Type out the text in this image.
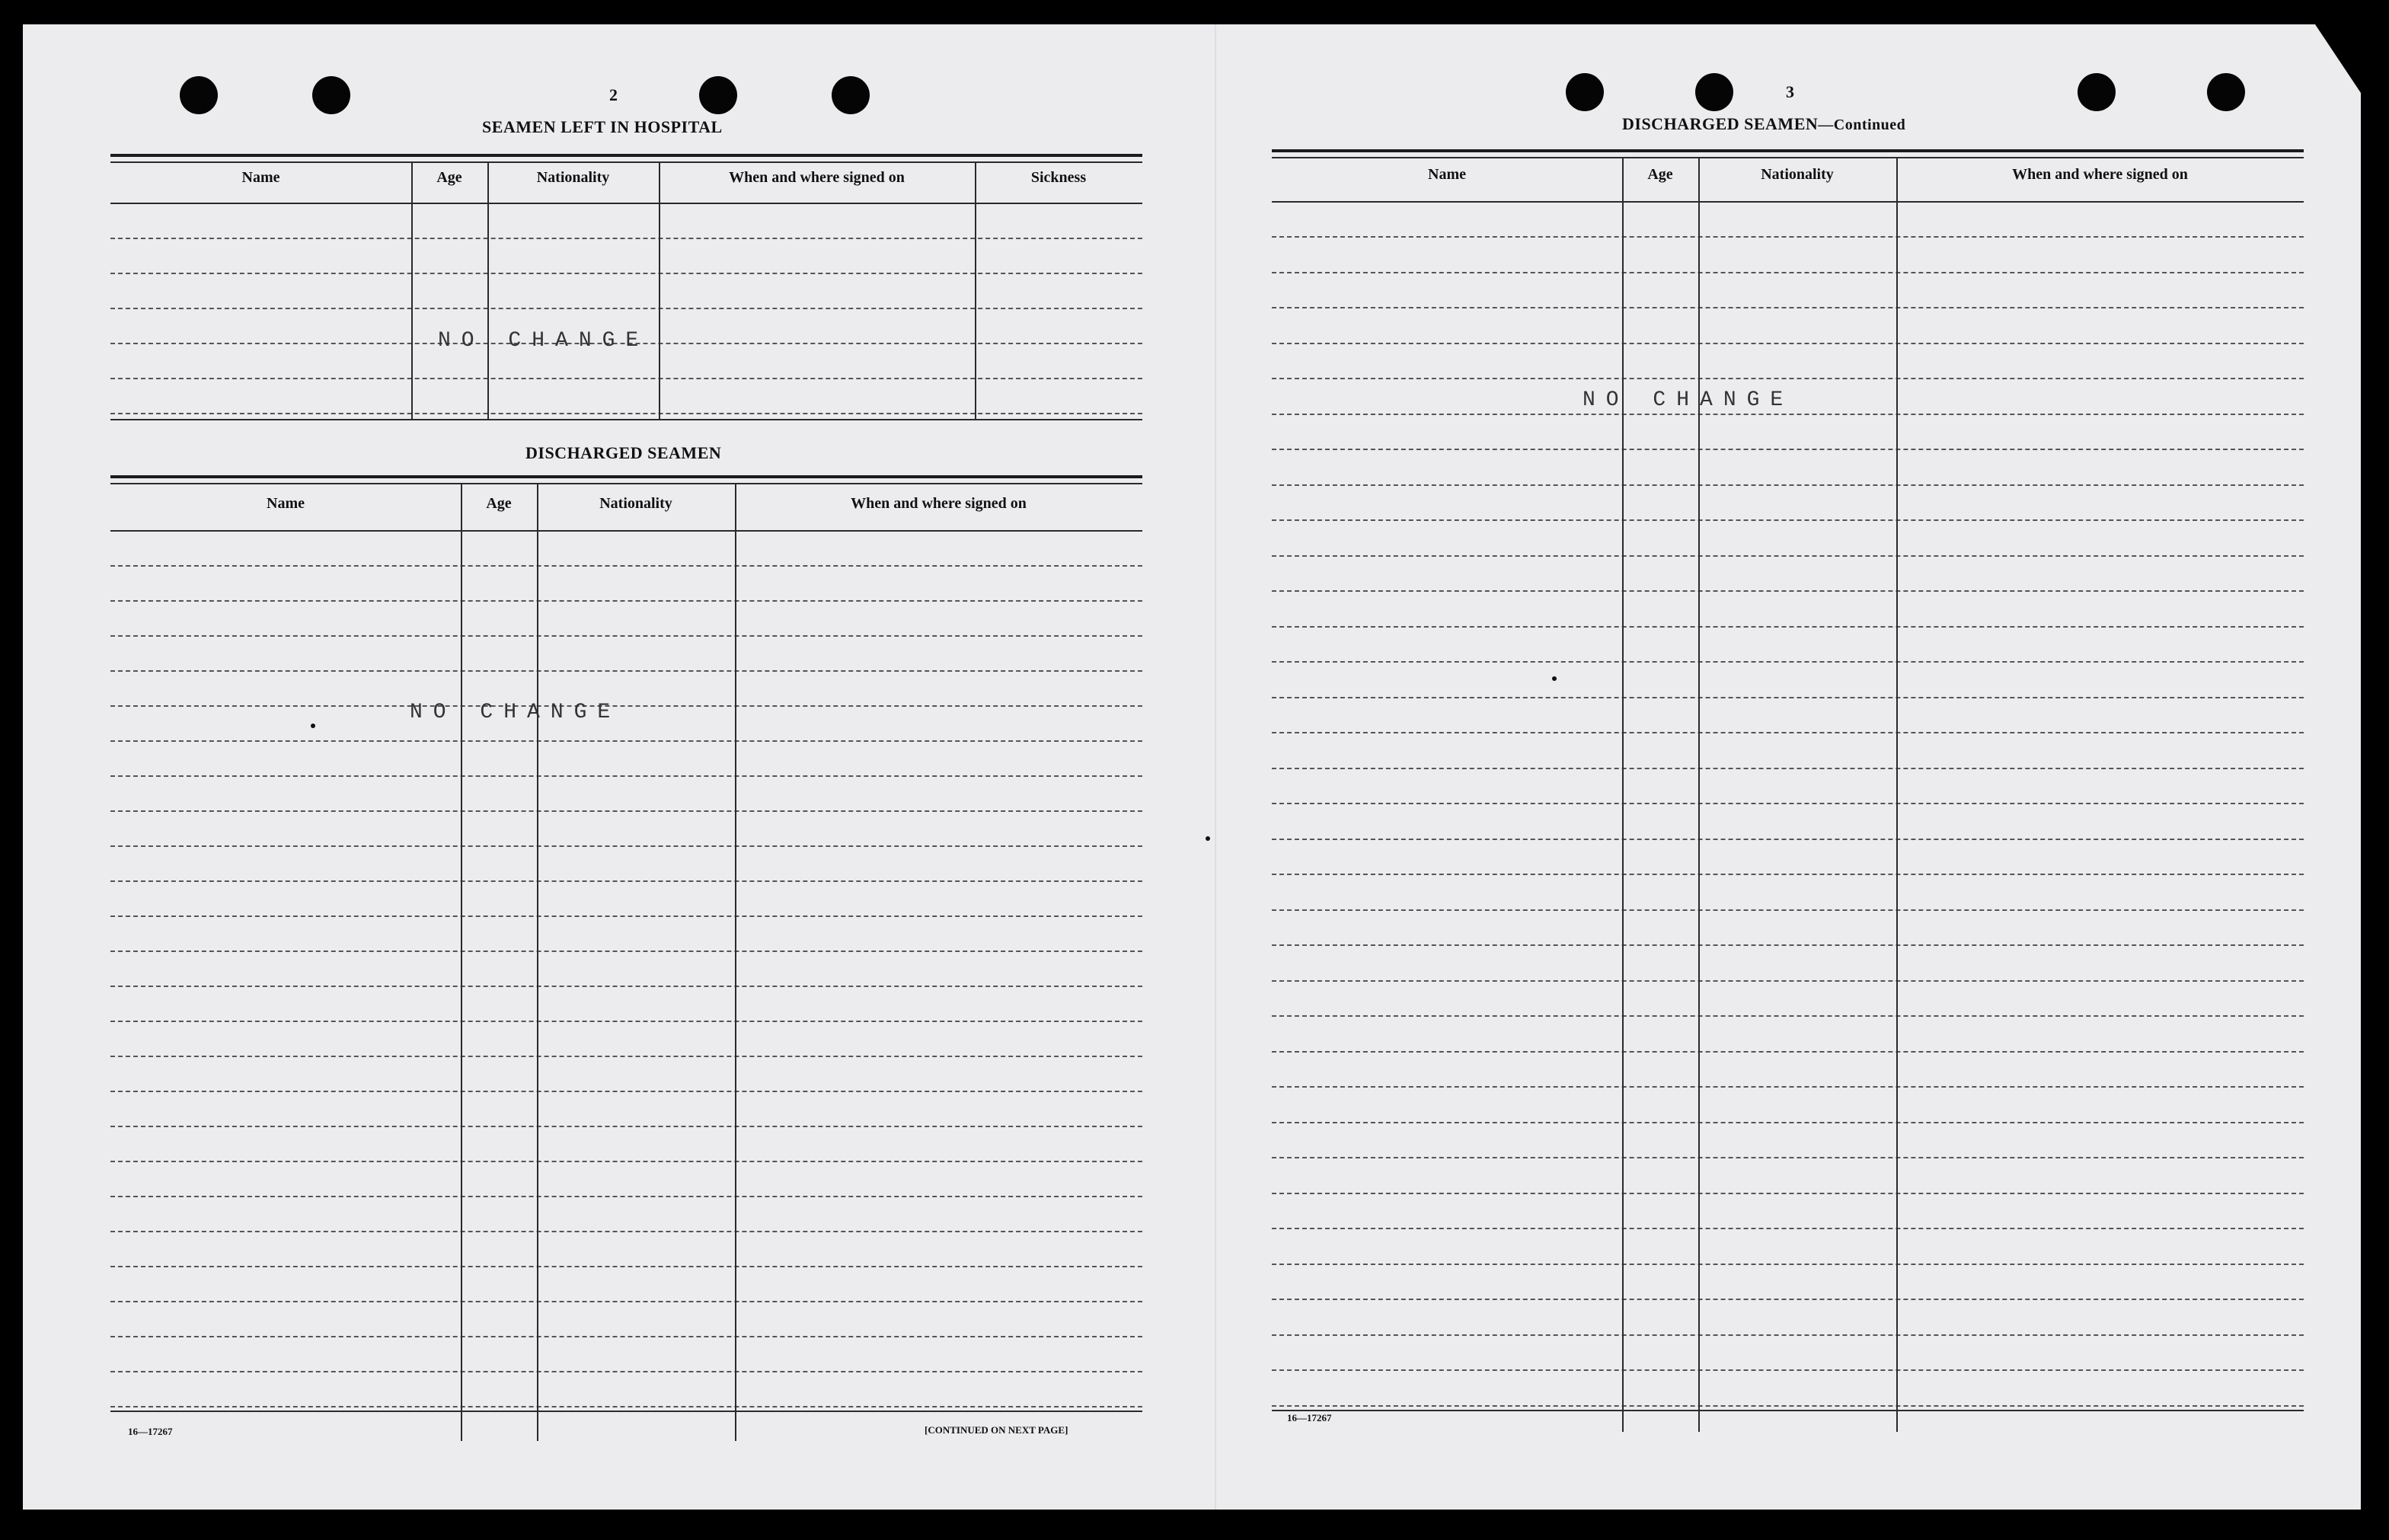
2
SEAMEN LEFT IN HOSPITAL
Name	Age	Nationality	When and where signed on	Sickness
NO CHANGE
DISCHARGED SEAMEN
Name	Age	Nationality	When and where signed on
NO CHANGE
16—17267	[CONTINUED ON NEXT PAGE]
3
DISCHARGED SEAMEN—Continued
Name	Age	Nationality	When and where signed on
NO CHANGE
16—17267
